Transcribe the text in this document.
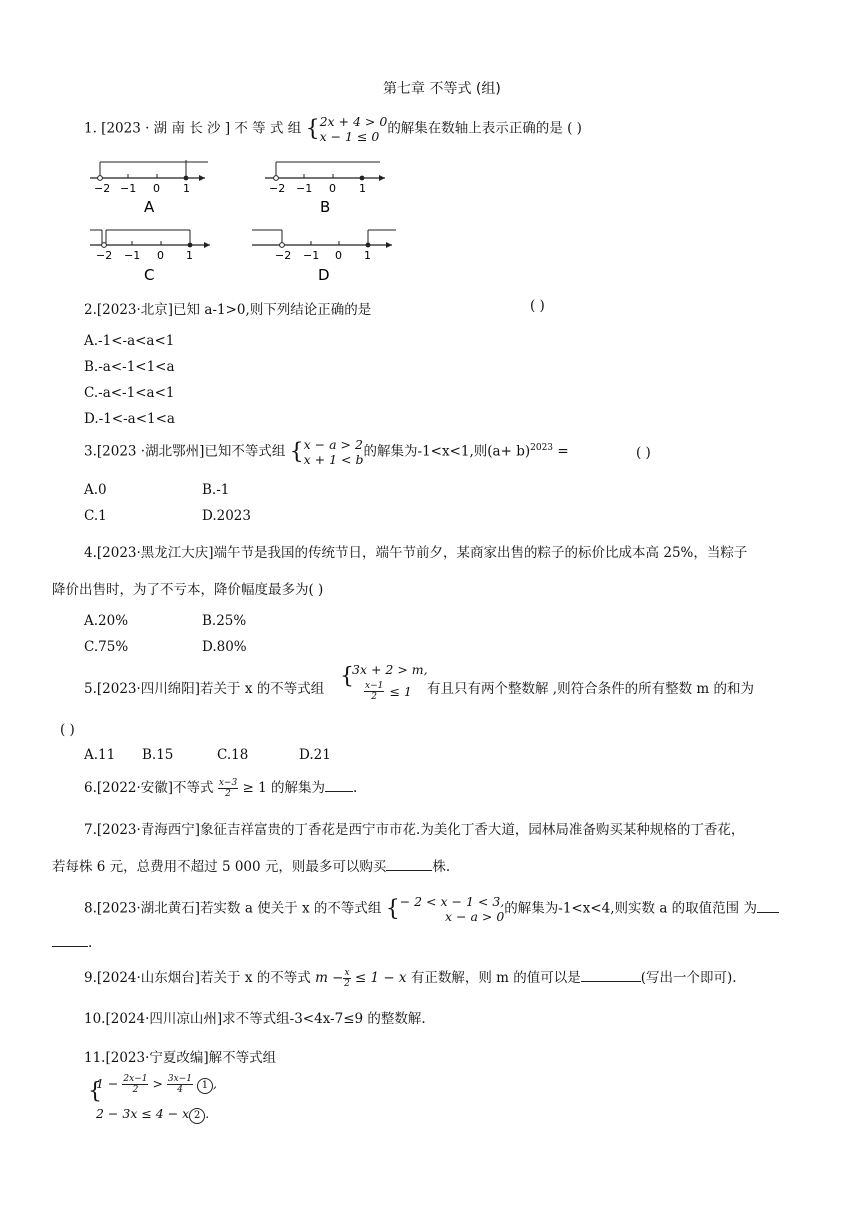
第七章 不等式 (组)
1. [2023 · 湖 南 长 沙 ] 不 等 式 组 {2x + 4 > 0
x − 1 ≤ 0 的解集在数轴上表示正确的是 ( )
−2 −1 0 1
A
−2 −1 0 1
B
−2 −1 0 1
C
−2 −1 0 1
D
2.[2023·北京]已知 a-1>0,则下列结论正确的是	( )
A.-1<-a<a<1
B.-a<-1<1<a
C.-a<-1<a<1
D.-1<-a<1<a
3.[2023 ·湖北鄂州]已知不等式组 {x − a > 2
x + 1 < b的解集为-1<x<1,则$(a+ b)^{2023}$ =	( )
A.0	B.-1
C.1	D.2023
4.[2023·黑龙江大庆]端午节是我国的传统节日，端午节前夕，某商家出售的粽子的标价比成本高 25%，当粽子
降价出售时，为了不亏本，降价幅度最多为( )
A.20%	B.25%
C.75%	D.80%
5.[2023·四川绵阳]若关于 x 的不等式组 {
3x + 2 > m,
$\frac{x-1}{2} \le 1$ 有且只有两个整数解 ,则符合条件的所有整数 m 的和为
( )
A.11 B.15	C.18	D.21
6.[2022·安徽]不等式 $\frac{x-3}{2} \ge 1$ 的解集为 .
7.[2023·青海西宁]象征吉祥富贵的丁香花是西宁市市花.为美化丁香大道，园林局准备购买某种规格的丁香花，
若每株 6 元，总费用不超过 5 000 元，则最多可以购买	株.
8.[2023·湖北黄石]若实数 a 使关于 x 的不等式组 {− 2 < x − 1 < 3,
x − a > 0的解集为-1<x<4,则实数 a 的取值范围 为
.
9.[2024·山东烟台]若关于 x 的不等式 $m - \frac{x}{2} \le 1 - x$ 有正数解，则 m 的值可以是	(写出一个即可).
10.[2024·四川凉山州]求不等式组-3<4x-7≤9 的整数解.
11.[2023·宁夏改编]解不等式组
{
$1 - \frac{2x-1}{2} > \frac{3x-1}{4} 1$ ,
2 − 3x ≤ 4 − x 2 .
